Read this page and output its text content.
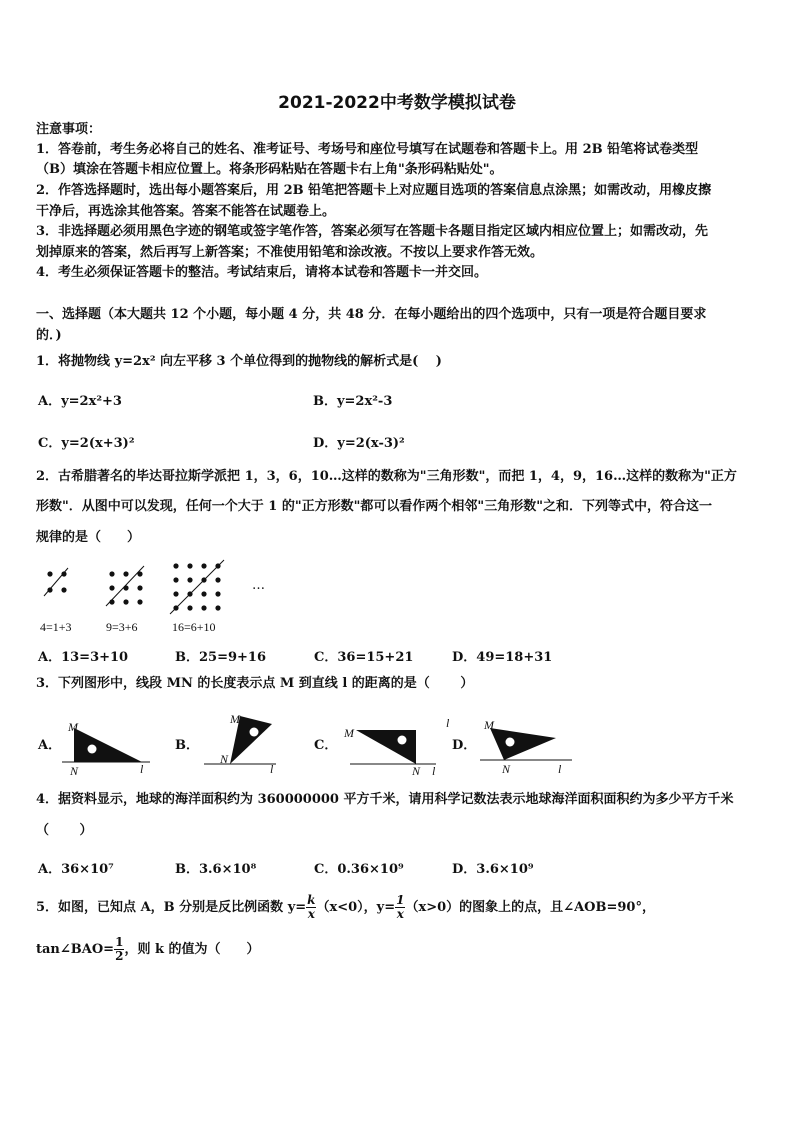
2021-2022中考数学模拟试卷
注意事项：
1．答卷前，考生务必将自己的姓名、准考证号、考场号和座位号填写在试题卷和答题卡上。用 2B 铅笔将试卷类型
（B）填涂在答题卡相应位置上。将条形码粘贴在答题卡右上角"条形码粘贴处"。
2．作答选择题时，选出每小题答案后，用 2B 铅笔把答题卡上对应题目选项的答案信息点涂黑；如需改动，用橡皮擦
干净后，再选涂其他答案。答案不能答在试题卷上。
3．非选择题必须用黑色字迹的钢笔或签字笔作答，答案必须写在答题卡各题目指定区域内相应位置上；如需改动，先
划掉原来的答案，然后再写上新答案；不准使用铅笔和涂改液。不按以上要求作答无效。
4．考生必须保证答题卡的整洁。考试结束后，请将本试卷和答题卡一并交回。
一、选择题（本大题共 12 个小题，每小题 4 分，共 48 分．在每小题给出的四个选项中，只有一项是符合题目要求
的．)
1．将抛物线 y=2x² 向左平移 3 个单位得到的抛物线的解析式是(　 )
A．y=2x²+3	B．y=2x²-3
C．y=2(x+3)²	D．y=2(x-3)²
2．古希腊著名的毕达哥拉斯学派把 1，3，6，10…这样的数称为"三角形数"，而把 1，4，9，16…这样的数称为"正方
形数"．从图中可以发现，任何一个大于 1 的"正方形数"都可以看作两个相邻"三角形数"之和．下列等式中，符合这一
规律的是（　　）
…
4=1+3	9=3+6	16=6+10
A．13=3+10	B．25=9+16	C．36=15+21	D．49=18+31
3．下列图形中，线段 MN 的长度表示点 M 到直线 l 的距离的是（　　 ）
A．
M
N	l
B．
M
N
l
C．
M
N l
l
D．
M
N	l
4．据资料显示，地球的海洋面积约为 360000000 平方千米，请用科学记数法表示地球海洋面积面积约为多少平方千米
（　　 ）
A．36×10⁷	B．3.6×10⁸	C．0.36×10⁹	D．3.6×10⁹
5．如图，已知点 A，B 分别是反比例函数 $y= \frac{k}{x} (x<0)$，$y= \frac{1}{x} (x>0)$的图象上的点，且∠AOB=90°，
tan∠BAO= $\frac{1}{2}$ ，则 k 的值为（　　）
